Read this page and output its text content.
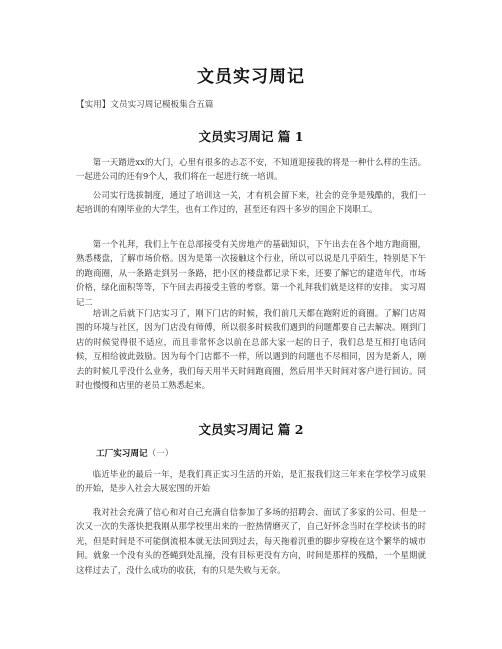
文员实习周记
【实用】文员实习周记模板集合五篇
文员实习周记 篇 1

第一天踏进xx的大门，心里有很多的忐忑不安，不知道迎接我的将是一种什么样的生活。一起进公司的还有9个人，我们将在一起进行统一培训。

公司实行选拔制度，通过了培训这一关，才有机会留下来，社会的竞争是残酷的，我们一起培训的有刚毕业的大学生，也有工作过的，甚至还有四十多岁的国企下岗职工。

第一个礼拜，我们上午在总部接受有关房地产的基础知识，下午出去在各个地方跑商圈，熟悉楼盘，了解市场价格。因为是第一次接触这个行业，所以可以说是几乎陌生，特别是下午的跑商圈，从一条路走到另一条路，把小区的楼盘都记录下来，还要了解它的建造年代，市场价格，绿化面积等等，下午回去再接受主管的考察。第一个礼拜我们就是这样的安排。 实习周记二

培训之后就下门店实习了，刚下门店的时候，我们前几天都在跑附近的商圈。了解门店周围的环境与社区，因为门店没有师傅，所以很多时候我们遇到的问题都要自己去解决。刚到门店的时候觉得很不适应，而且非常怀念以前在总部大家一起的日子，我们总是互相打电话问候，互相给彼此鼓励。因为每个门店都不一样，所以遇到的问题也不尽相同，因为是新人，刚去的时候几乎没什么业务，我们每天用半天时间跑商圈，然后用半天时间对客户进行回访。同时也慢慢和店里的老员工熟悉起来。

文员实习周记 篇 2
工厂实习周记（一）

临近毕业的最后一年，是我们真正实习生活的开始，是汇报我们这三年来在学校学习成果的开始，是步入社会大展宏图的开始

我对社会充满了信心和对自己充满自信参加了多场的招聘会、面试了多家的公司、但是一次又一次的失落快把我刚从那学校里出来的一腔热情磨灭了，自己好怀念当时在学校读书的时光，但是时间是不可能倒流根本就无法回到过去，每天拖着沉重的脚步穿梭在这个繁华的城市间。就象一个没有头的苍蝇到处乱撞，没有目标更没有方向，时间是那样的残酷，一个星期就这样过去了，没什么成功的收获，有的只是失败与无奈。
